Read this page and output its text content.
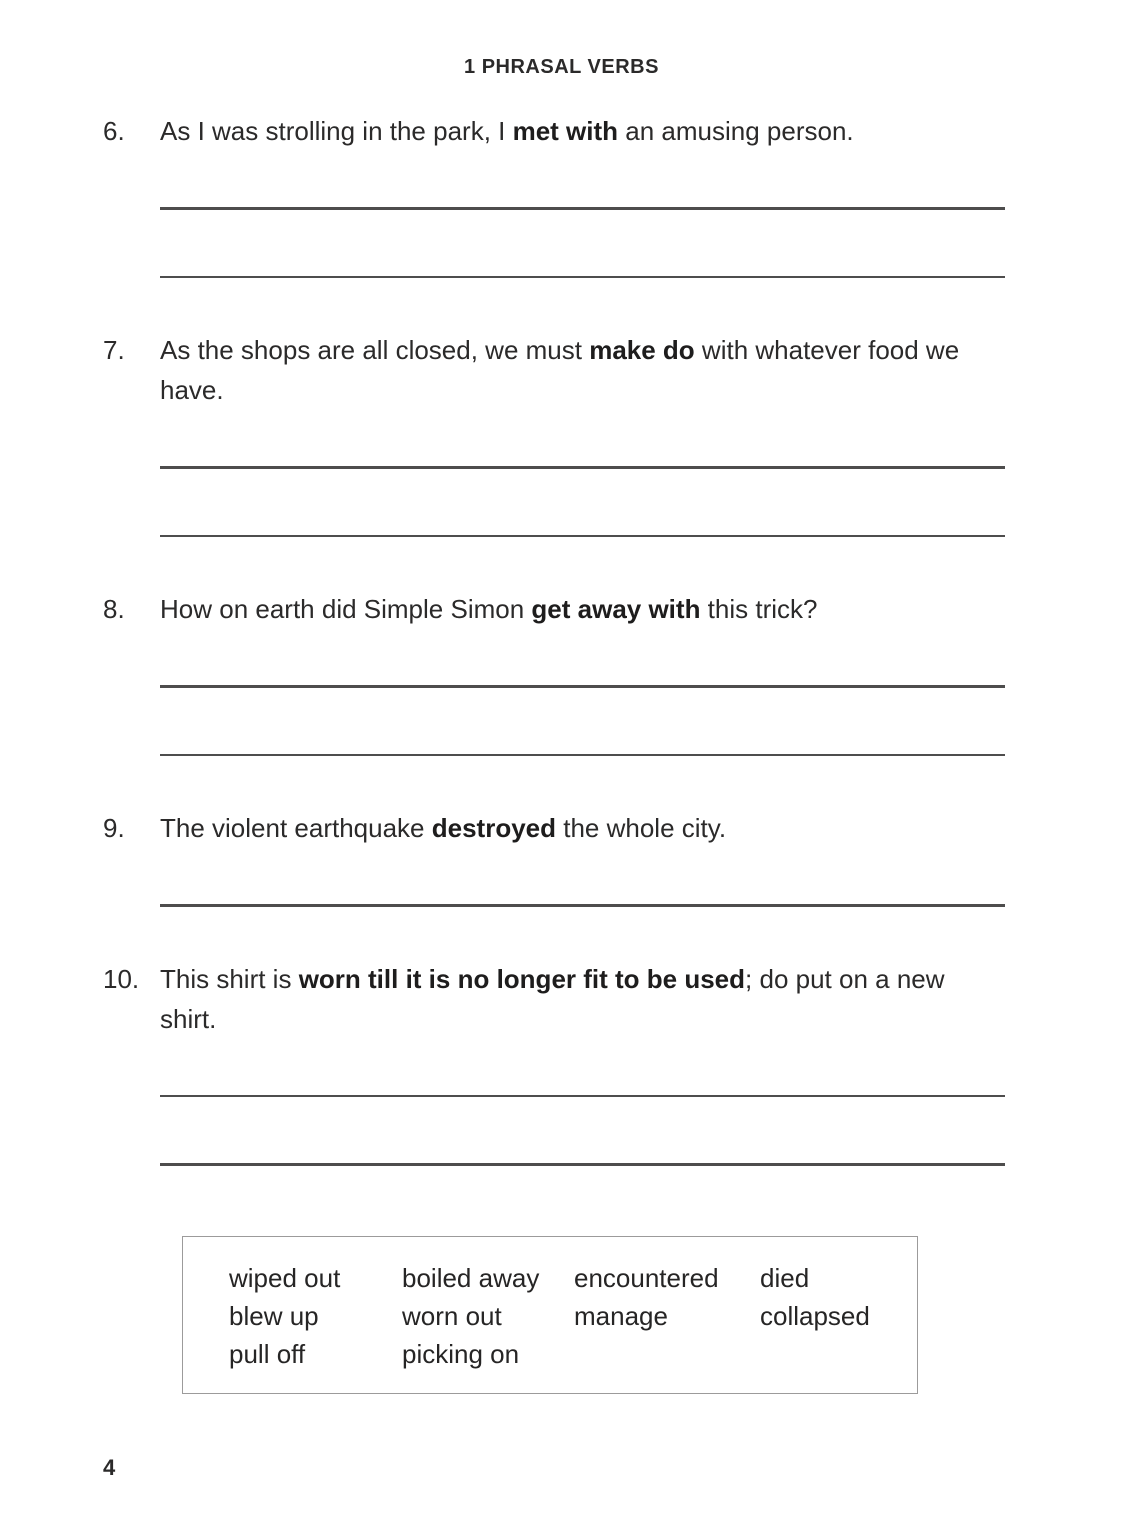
1 PHRASAL VERBS
6.	As I was strolling in the park, I met with an amusing person.
7.	As the shops are all closed, we must make do with whatever food we have.
8.	How on earth did Simple Simon get away with this trick?
9.	The violent earthquake destroyed the whole city.
10. This shirt is worn till it is no longer fit to be used; do put on a new shirt.
wiped out	boiled away	encountered	died
blew up	worn out	manage	collapsed
pull off	picking on
4
